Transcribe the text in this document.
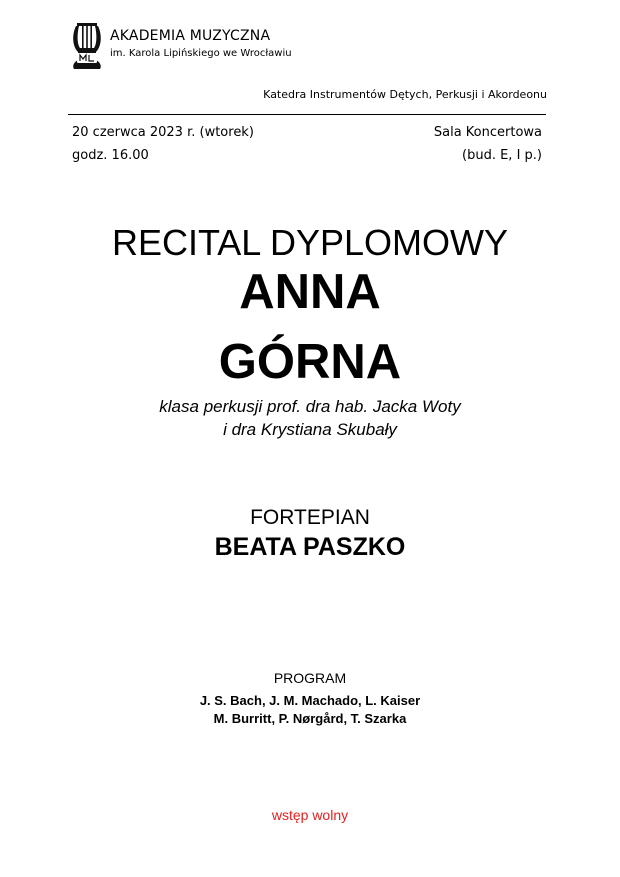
AKADEMIA MUZYCZNA
im. Karola Lipińskiego we Wrocławiu
Katedra Instrumentów Dętych, Perkusji i Akordeonu
20 czerwca 2023 r. (wtorek)
godz. 16.00
Sala Koncertowa
(bud. E, I p.)
RECITAL DYPLOMOWY
ANNA
GÓRNA
klasa perkusji prof. dra hab. Jacka Woty
i dra Krystiana Skubały
FORTEPIAN
BEATA PASZKO
PROGRAM
J. S. Bach, J. M. Machado, L. Kaiser
M. Burritt, P. Nørgård, T. Szarka
wstęp wolny
